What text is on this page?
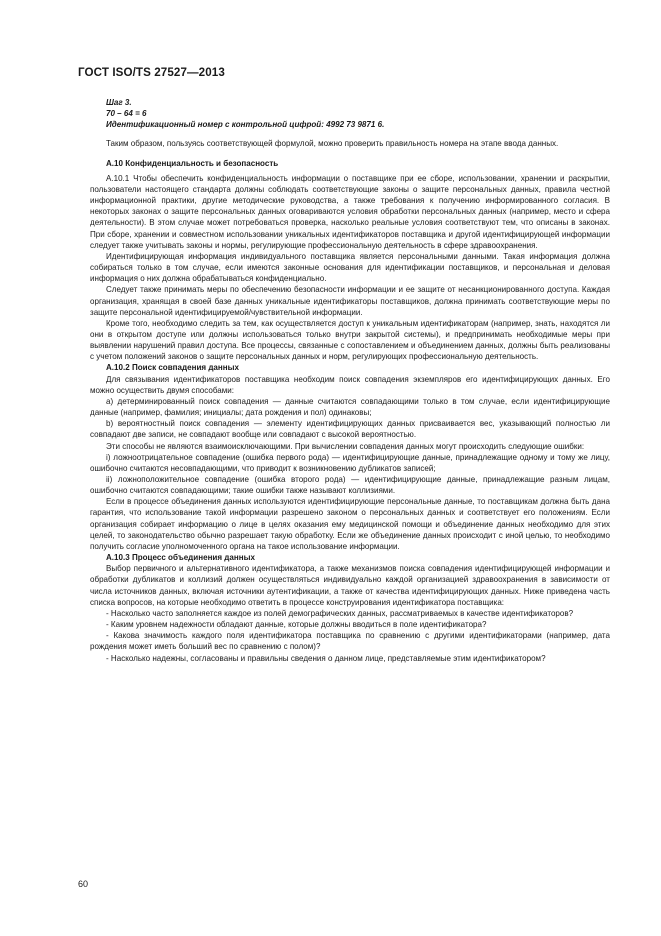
ГОСТ ISO/TS 27527—2013

Шаг 3.

70 – 64 = 6

Идентификационный номер с контрольной цифрой: 4992 73 9871 6.

Таким образом, пользуясь соответствующей формулой, можно проверить правильность номера на этапе ввода данных.

А.10 Конфиденциальность и безопасность

А.10.1 Чтобы обеспечить конфиденциальность информации о поставщике при ее сборе, использовании, хранении и раскрытии, пользователи настоящего стандарта должны соблюдать соответствующие законы о защите персональных данных, правила честной информационной практики, другие методические руководства, а также требования к получению информированного согласия. В некоторых законах о защите персональных данных оговариваются условия обработки персональных данных (например, место и сфера деятельности). В этом случае может потребоваться проверка, насколько реальные условия соответствуют тем, что описаны в законах. При сборе, хранении и совместном использовании уникальных идентификаторов поставщика и другой идентифицирующей информации следует также учитывать законы и нормы, регулирующие профессиональную деятельность в сфере здравоохранения.

Идентифицирующая информация индивидуального поставщика является персональными данными. Такая информация должна собираться только в том случае, если имеются законные основания для идентификации поставщиков, и персональная и деловая информация о них должна обрабатываться конфиденциально.

Следует также принимать меры по обеспечению безопасности информации и ее защите от несанкционированного доступа. Каждая организация, хранящая в своей базе данных уникальные идентификаторы поставщиков, должна принимать соответствующие меры по защите персональной идентифицируемой/чувствительной информации.

Кроме того, необходимо следить за тем, как осуществляется доступ к уникальным идентификаторам (например, знать, находятся ли они в открытом доступе или должны использоваться только внутри закрытой системы), и предпринимать необходимые меры при выявлении нарушений правил доступа. Все процессы, связанные с сопоставлением и объединением данных, должны быть реализованы с учетом положений законов о защите персональных данных и норм, регулирующих профессиональную деятельность.

А.10.2 Поиск совпадения данных

Для связывания идентификаторов поставщика необходим поиск совпадения экземпляров его идентифицирующих данных. Его можно осуществить двумя способами:

a) детерминированный поиск совпадения — данные считаются совпадающими только в том случае, если идентифицирующие данные (например, фамилия; инициалы; дата рождения и пол) одинаковы;

b) вероятностный поиск совпадения — элементу идентифицирующих данных присваивается вес, указывающий полностью ли совпадают две записи, не совпадают вообще или совпадают с высокой вероятностью.

Эти способы не являются взаимоисключающими. При вычислении совпадения данных могут происходить следующие ошибки:

i) ложноотрицательное совпадение (ошибка первого рода) — идентифицирующие данные, принадлежащие одному и тому же лицу, ошибочно считаются несовпадающими, что приводит к возникновению дубликатов записей;

ii) ложноположительное совпадение (ошибка второго рода) — идентифицирующие данные, принадлежащие разным лицам, ошибочно считаются совпадающими; такие ошибки также называют коллизиями.

Если в процессе объединения данных используются идентифицирующие персональные данные, то поставщикам должна быть дана гарантия, что использование такой информации разрешено законом о персональных данных и соответствует его положениям. Если организация собирает информацию о лице в целях оказания ему медицинской помощи и объединение данных необходимо для этих целей, то законодательство обычно разрешает такую обработку. Если же объединение данных происходит с иной целью, то необходимо получить согласие уполномоченного органа на такое использование информации.

А.10.3 Процесс объединения данных

Выбор первичного и альтернативного идентификатора, а также механизмов поиска совпадения идентифицирующей информации и обработки дубликатов и коллизий должен осуществляться индивидуально каждой организацией здравоохранения в зависимости от числа источников данных, включая источники аутентификации, а также от качества идентифицирующих данных. Ниже приведена часть списка вопросов, на которые необходимо ответить в процессе конструирования идентификатора поставщика:

- Насколько часто заполняется каждое из полей демографических данных, рассматриваемых в качестве идентификаторов?

- Каким уровнем надежности обладают данные, которые должны вводиться в поле идентификатора?

- Какова значимость каждого поля идентификатора поставщика по сравнению с другими идентификаторами (например, дата рождения может иметь больший вес по сравнению с полом)?

- Насколько надежны, согласованы и правильны сведения о данном лице, представляемые этим идентификатором?

60
